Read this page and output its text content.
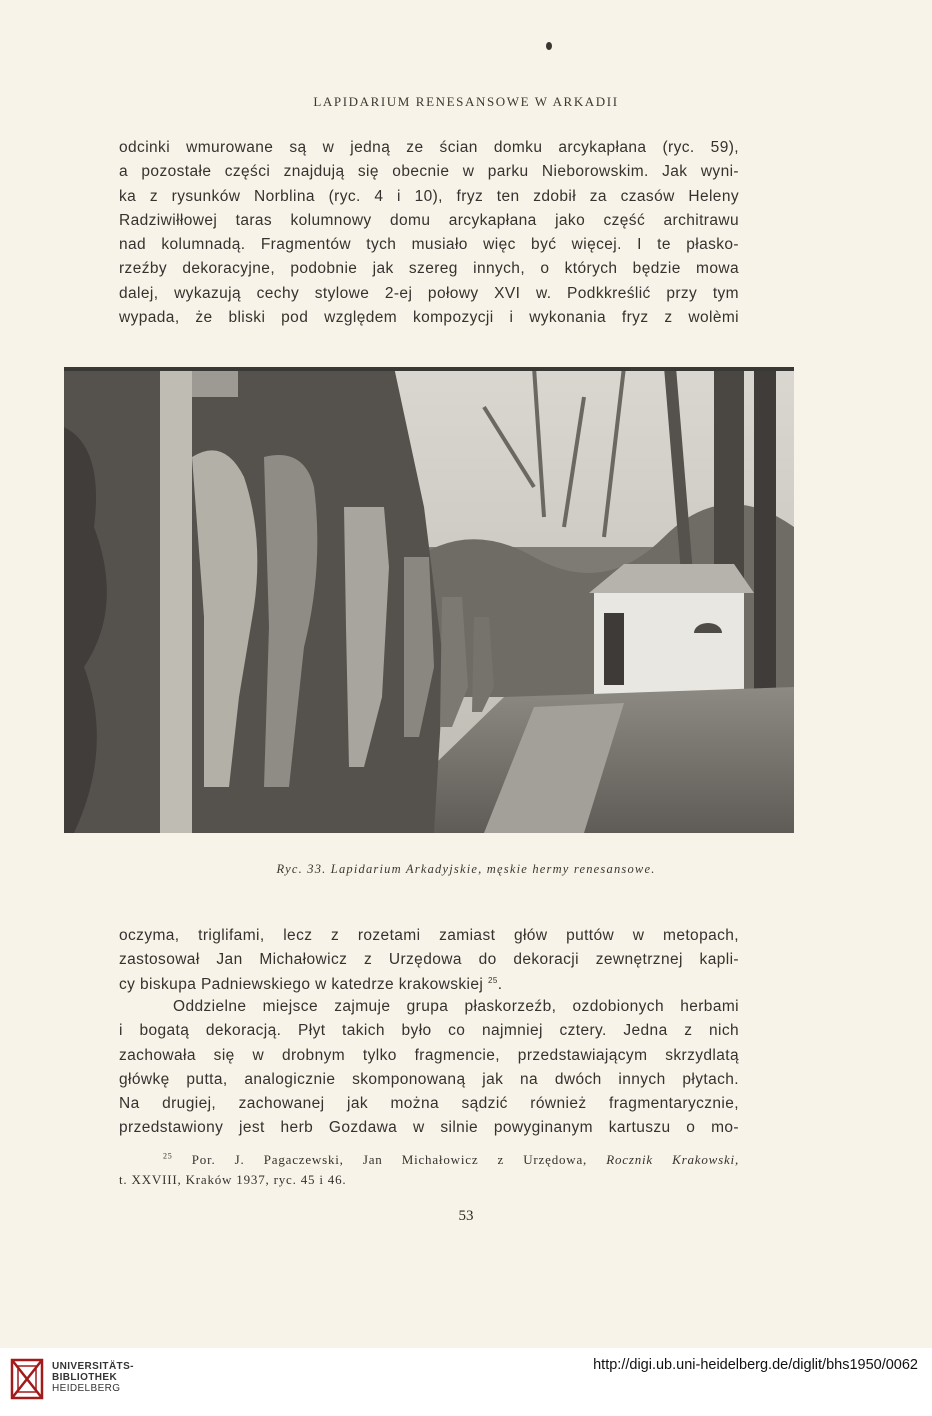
LAPIDARIUM RENESANSOWE W ARKADII
odcinki wmurowane są w jedną ze ścian domku arcykapłana (ryc. 59),
a pozostałe części znajdują się obecnie w parku Nieborowskim. Jak wyni-
ka z rysunków Norblina (ryc. 4 i 10), fryz ten zdobił za czasów Heleny
Radziwiłłowej taras kolumnowy domu arcykapłana jako część architrawu
nad kolumnadą. Fragmentów tych musiało więc być więcej. I te płasko-
rzeźby dekoracyjne, podobnie jak szereg innych, o których będzie mowa
dalej, wykazują cechy stylowe 2-ej połowy XVI w. Podkkreślić przy tym
wypada, że bliski pod względem kompozycji i wykonania fryz z wolèmi
Ryc. 33. Lapidarium Arkadyjskie, męskie hermy renesansowe.
oczyma, triglifami, lecz z rozetami zamiast głów puttów w metopach,
zastosował Jan Michałowicz z Urzędowa do dekoracji zewnętrznej kapli-
cy biskupa Padniewskiego w katedrze krakowskiej $^{25}$.
Oddzielne miejsce zajmuje grupa płaskorzeźb, ozdobionych herbami
i bogatą dekoracją. Płyt takich było co najmniej cztery. Jedna z nich
zachowała się w drobnym tylko fragmencie, przedstawiającym skrzydlatą
główkę putta, analogicznie skomponowaną jak na dwóch innych płytach.
Na drugiej, zachowanej jak można sądzić również fragmentarycznie,
przedstawiony jest herb Gozdawa w silnie powyginanym kartuszu o mo-
$^{25}$ Por. J. Pagaczewski, Jan Michałowicz z Urzędowa, Rocznik Krakowski,
t. XXVIII, Kraków 1937, ryc. 45 i 46.
53
UNIVERSITÄTS-
BIBLIOTHEK
HEIDELBERG
http://digi.ub.uni-heidelberg.de/diglit/bhs1950/0062
